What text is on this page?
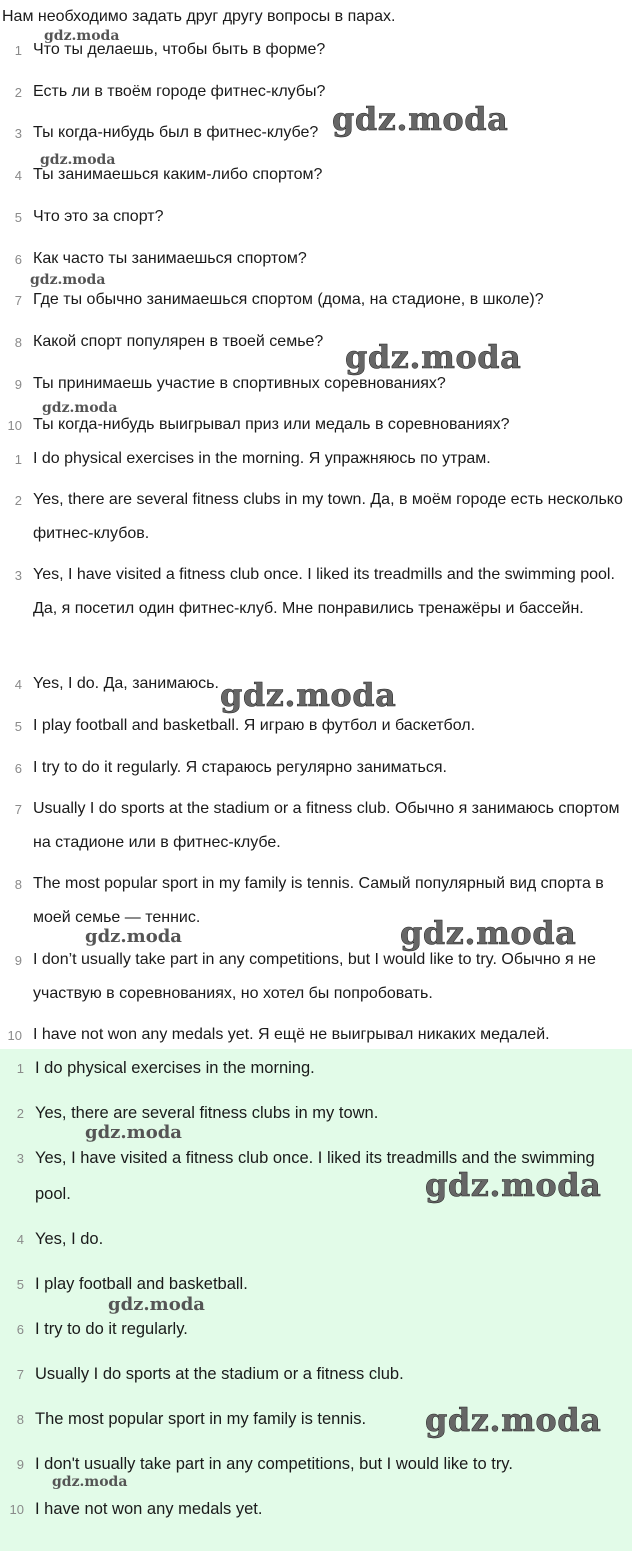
Нам необходимо задать друг другу вопросы в парах.

1 Что ты делаешь, чтобы быть в форме?
2 Есть ли в твоём городе фитнес-клубы?
3 Ты когда-нибудь был в фитнес-клубе?
4 Ты занимаешься каким-либо спортом?
5 Что это за спорт?
6 Как часто ты занимаешься спортом?
7 Где ты обычно занимаешься спортом (дома, на стадионе, в школе)?
8 Какой спорт популярен в твоей семье?
9 Ты принимаешь участие в спортивных соревнованиях?
10 Ты когда-нибудь выигрывал приз или медаль в соревнованиях?
1 I do physical exercises in the morning. Я упражняюсь по утрам.
2 Yes, there are several fitness clubs in my town. Да, в моём городе есть несколько фитнес-клубов.
3 Yes, I have visited a fitness club once. I liked its treadmills and the swimming pool. Да, я посетил один фитнес-клуб. Мне понравились тренажёры и бассейн.
4 Yes, I do. Да, занимаюсь.
5 I play football and basketball. Я играю в футбол и баскетбол.
6 I try to do it regularly. Я стараюсь регулярно заниматься.
7 Usually I do sports at the stadium or a fitness club. Обычно я занимаюсь спортом на стадионе или в фитнес-клубе.
8 The most popular sport in my family is tennis. Самый популярный вид спорта в моей семье — теннис.
9 I don’t usually take part in any competitions, but I would like to try. Обычно я не участвую в соревнованиях, но хотел бы попробовать.
10 I have not won any medals yet. Я ещё не выигрывал никаких медалей.
1 I do physical exercises in the morning.
2 Yes, there are several fitness clubs in my town.
3 Yes, I have visited a fitness club once. I liked its treadmills and the swimming pool.
4 Yes, I do.
5 I play football and basketball.
6 I try to do it regularly.
7 Usually I do sports at the stadium or a fitness club.
8 The most popular sport in my family is tennis.
9 I don't usually take part in any competitions, but I would like to try.
10 I have not won any medals yet.
gdz.moda
gdz.moda
gdz.moda
gdz.moda
gdz.moda
gdz.moda
gdz.moda
gdz.moda	gdz.moda
gdz.moda
gdz.moda
gdz.moda
gdz.moda
gdz.moda
